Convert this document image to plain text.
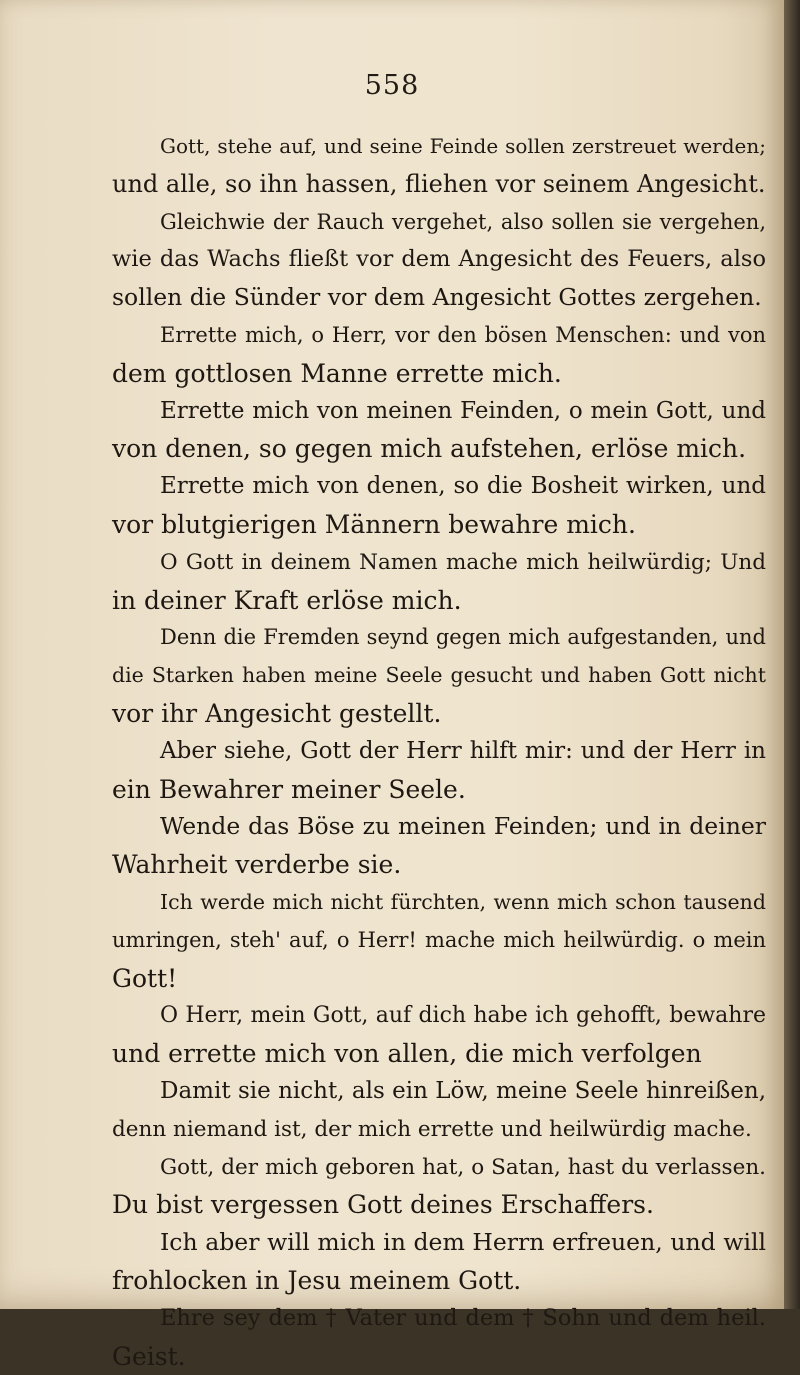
558
Gott, stehe auf, und seine Feinde sollen zerstreuet werden;
und alle, so ihn hassen, fliehen vor seinem Angesicht.
Gleichwie der Rauch vergehet, also sollen sie vergehen,
wie das Wachs fließt vor dem Angesicht des Feuers, also
sollen die Sünder vor dem Angesicht Gottes zergehen.
Errette mich, o Herr, vor den bösen Menschen: und von
dem gottlosen Manne errette mich.
Errette mich von meinen Feinden, o mein Gott, und
von denen, so gegen mich aufstehen, erlöse mich.
Errette mich von denen, so die Bosheit wirken, und
vor blutgierigen Männern bewahre mich.
O Gott in deinem Namen mache mich heilwürdig; Und
in deiner Kraft erlöse mich.
Denn die Fremden seynd gegen mich aufgestanden, und
die Starken haben meine Seele gesucht und haben Gott nicht
vor ihr Angesicht gestellt.
Aber siehe, Gott der Herr hilft mir: und der Herr in
ein Bewahrer meiner Seele.
Wende das Böse zu meinen Feinden; und in deiner
Wahrheit verderbe sie.
Ich werde mich nicht fürchten, wenn mich schon tausend
umringen, steh' auf, o Herr! mache mich heilwürdig. o mein
Gott!
O Herr, mein Gott, auf dich habe ich gehofft, bewahre
und errette mich von allen, die mich verfolgen
Damit sie nicht, als ein Löw, meine Seele hinreißen,
denn niemand ist, der mich errette und heilwürdig mache.
Gott, der mich geboren hat, o Satan, hast du verlassen.
Du bist vergessen Gott deines Erschaffers.
Ich aber will mich in dem Herrn erfreuen, und will
frohlocken in Jesu meinem Gott.
Ehre sey dem † Vater und dem † Sohn und dem heil.
Geist.
